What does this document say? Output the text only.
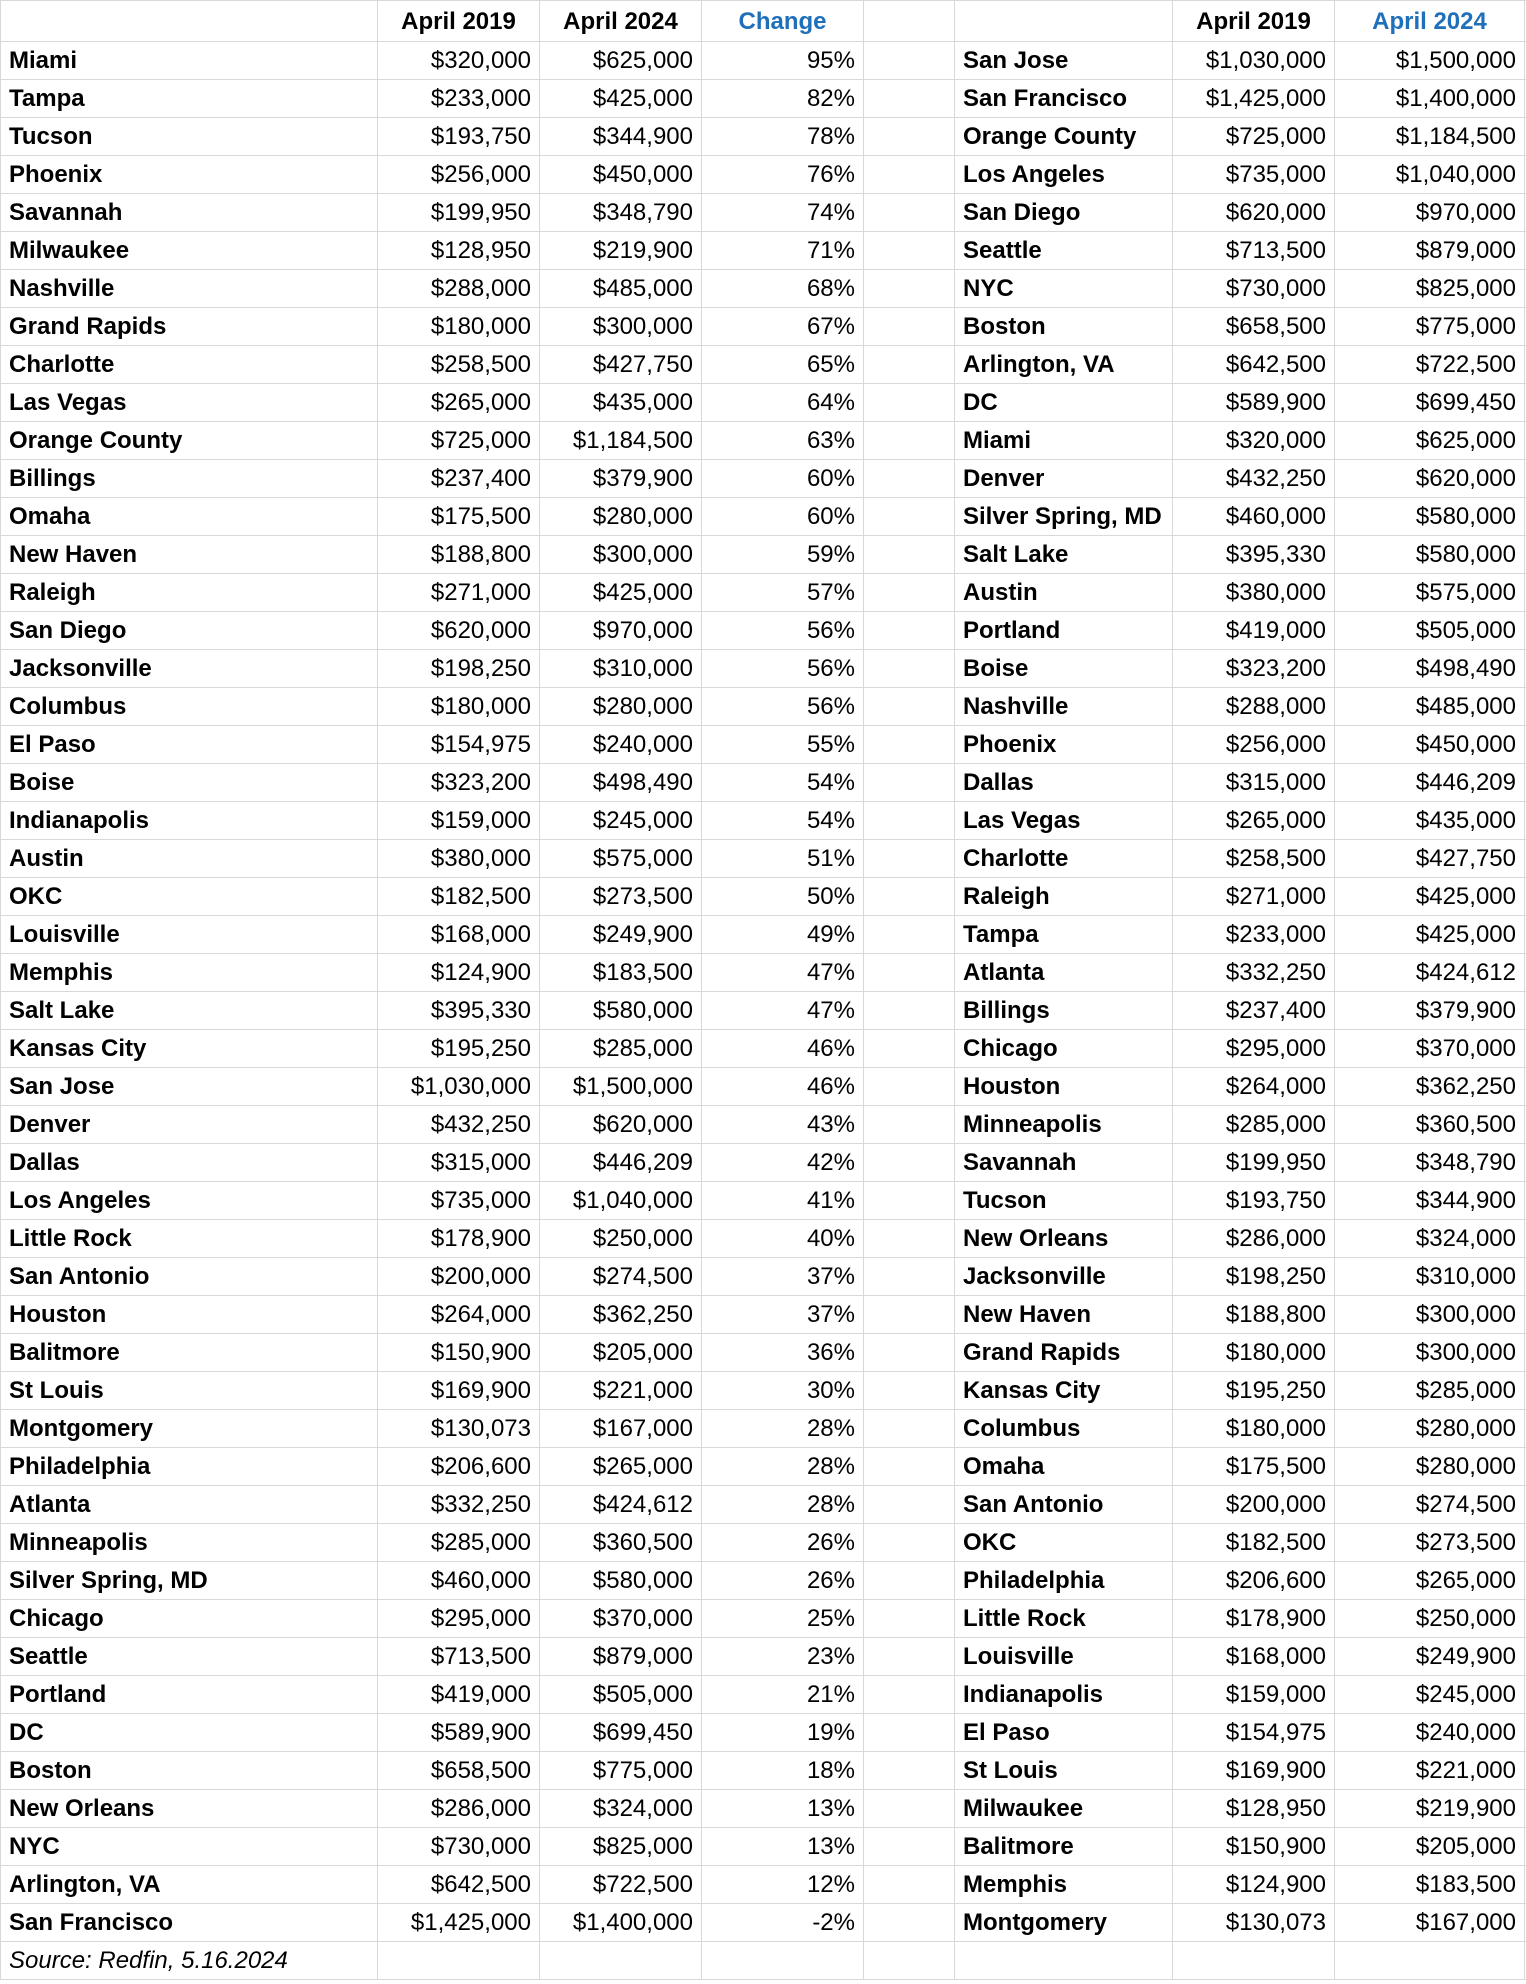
	April 2019	April 2024	Change			April 2019	April 2024	
Miami	$320,000	$625,000	95%		San Jose	$1,030,000	$1,500,000	
Tampa	$233,000	$425,000	82%		San Francisco	$1,425,000	$1,400,000	
Tucson	$193,750	$344,900	78%		Orange County	$725,000	$1,184,500	
Phoenix	$256,000	$450,000	76%		Los Angeles	$735,000	$1,040,000	
Savannah	$199,950	$348,790	74%		San Diego	$620,000	$970,000	
Milwaukee	$128,950	$219,900	71%		Seattle	$713,500	$879,000	
Nashville	$288,000	$485,000	68%		NYC	$730,000	$825,000	
Grand Rapids	$180,000	$300,000	67%		Boston	$658,500	$775,000	
Charlotte	$258,500	$427,750	65%		Arlington, VA	$642,500	$722,500	
Las Vegas	$265,000	$435,000	64%		DC	$589,900	$699,450	
Orange County	$725,000	$1,184,500	63%		Miami	$320,000	$625,000	
Billings	$237,400	$379,900	60%		Denver	$432,250	$620,000	
Omaha	$175,500	$280,000	60%		Silver Spring, MD	$460,000	$580,000	
New Haven	$188,800	$300,000	59%		Salt Lake	$395,330	$580,000	
Raleigh	$271,000	$425,000	57%		Austin	$380,000	$575,000	
San Diego	$620,000	$970,000	56%		Portland	$419,000	$505,000	
Jacksonville	$198,250	$310,000	56%		Boise	$323,200	$498,490	
Columbus	$180,000	$280,000	56%		Nashville	$288,000	$485,000	
El Paso	$154,975	$240,000	55%		Phoenix	$256,000	$450,000	
Boise	$323,200	$498,490	54%		Dallas	$315,000	$446,209	
Indianapolis	$159,000	$245,000	54%		Las Vegas	$265,000	$435,000	
Austin	$380,000	$575,000	51%		Charlotte	$258,500	$427,750	
OKC	$182,500	$273,500	50%		Raleigh	$271,000	$425,000	
Louisville	$168,000	$249,900	49%		Tampa	$233,000	$425,000	
Memphis	$124,900	$183,500	47%		Atlanta	$332,250	$424,612	
Salt Lake	$395,330	$580,000	47%		Billings	$237,400	$379,900	
Kansas City	$195,250	$285,000	46%		Chicago	$295,000	$370,000	
San Jose	$1,030,000	$1,500,000	46%		Houston	$264,000	$362,250	
Denver	$432,250	$620,000	43%		Minneapolis	$285,000	$360,500	
Dallas	$315,000	$446,209	42%		Savannah	$199,950	$348,790	
Los Angeles	$735,000	$1,040,000	41%		Tucson	$193,750	$344,900	
Little Rock	$178,900	$250,000	40%		New Orleans	$286,000	$324,000	
San Antonio	$200,000	$274,500	37%		Jacksonville	$198,250	$310,000	
Houston	$264,000	$362,250	37%		New Haven	$188,800	$300,000	
Balitmore	$150,900	$205,000	36%		Grand Rapids	$180,000	$300,000	
St Louis	$169,900	$221,000	30%		Kansas City	$195,250	$285,000	
Montgomery	$130,073	$167,000	28%		Columbus	$180,000	$280,000	
Philadelphia	$206,600	$265,000	28%		Omaha	$175,500	$280,000	
Atlanta	$332,250	$424,612	28%		San Antonio	$200,000	$274,500	
Minneapolis	$285,000	$360,500	26%		OKC	$182,500	$273,500	
Silver Spring, MD	$460,000	$580,000	26%		Philadelphia	$206,600	$265,000	
Chicago	$295,000	$370,000	25%		Little Rock	$178,900	$250,000	
Seattle	$713,500	$879,000	23%		Louisville	$168,000	$249,900	
Portland	$419,000	$505,000	21%		Indianapolis	$159,000	$245,000	
DC	$589,900	$699,450	19%		El Paso	$154,975	$240,000	
Boston	$658,500	$775,000	18%		St Louis	$169,900	$221,000	
New Orleans	$286,000	$324,000	13%		Milwaukee	$128,950	$219,900	
NYC	$730,000	$825,000	13%		Balitmore	$150,900	$205,000	
Arlington, VA	$642,500	$722,500	12%		Memphis	$124,900	$183,500	
San Francisco	$1,425,000	$1,400,000	-2%		Montgomery	$130,073	$167,000	
Source: Redfin, 5.16.2024								
